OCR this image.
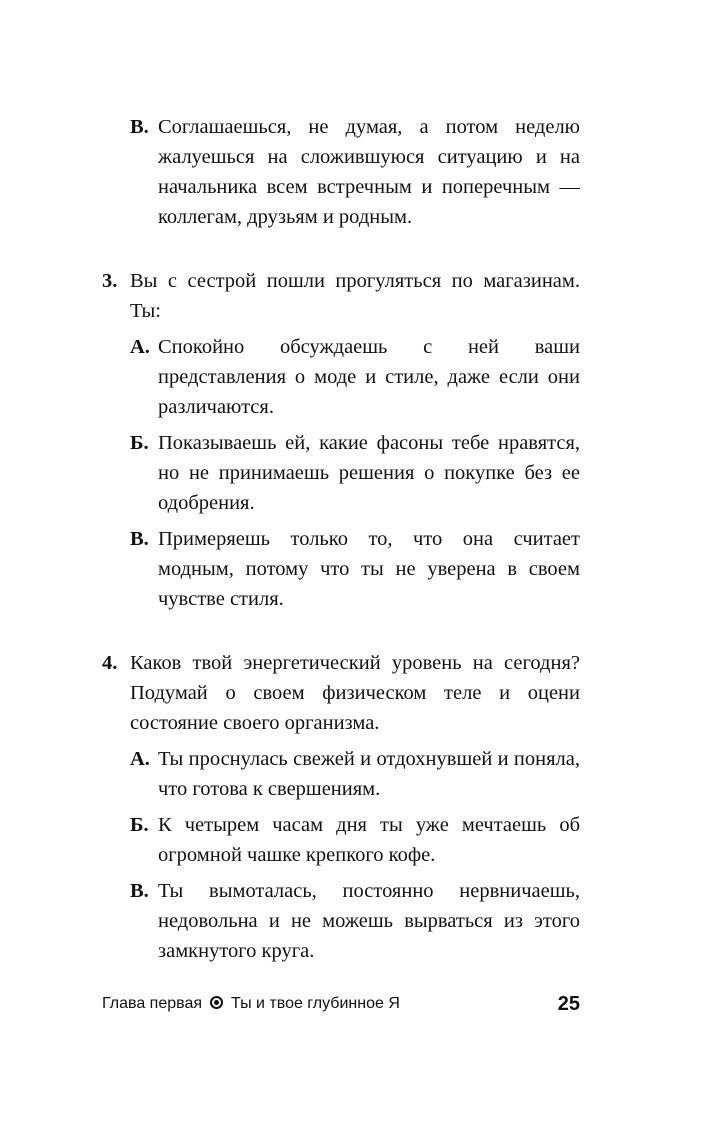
В. Соглашаешься, не думая, а потом неделю жалуешься на сложившуюся ситуацию и на начальника всем встречным и поперечным — коллегам, друзьям и родным.

3. Вы с сестрой пошли прогуляться по магазинам. Ты:

А. Спокойно обсуждаешь с ней ваши представления о моде и стиле, даже если они различаются.

Б. Показываешь ей, какие фасоны тебе нравятся, но не принимаешь решения о покупке без ее одобрения.

В. Примеряешь только то, что она считает модным, потому что ты не уверена в своем чувстве стиля.

4. Каков твой энергетический уровень на сегодня? Подумай о своем физическом теле и оцени состояние своего организма.

А. Ты проснулась свежей и отдохнувшей и поняла, что готова к свершениям.

Б. К четырем часам дня ты уже мечтаешь об огромной чашке крепкого кофе.

В. Ты вымоталась, постоянно нервничаешь, недовольна и не можешь вырваться из этого замкнутого круга.

Глава первая Ты и твое глубинное Я	25
